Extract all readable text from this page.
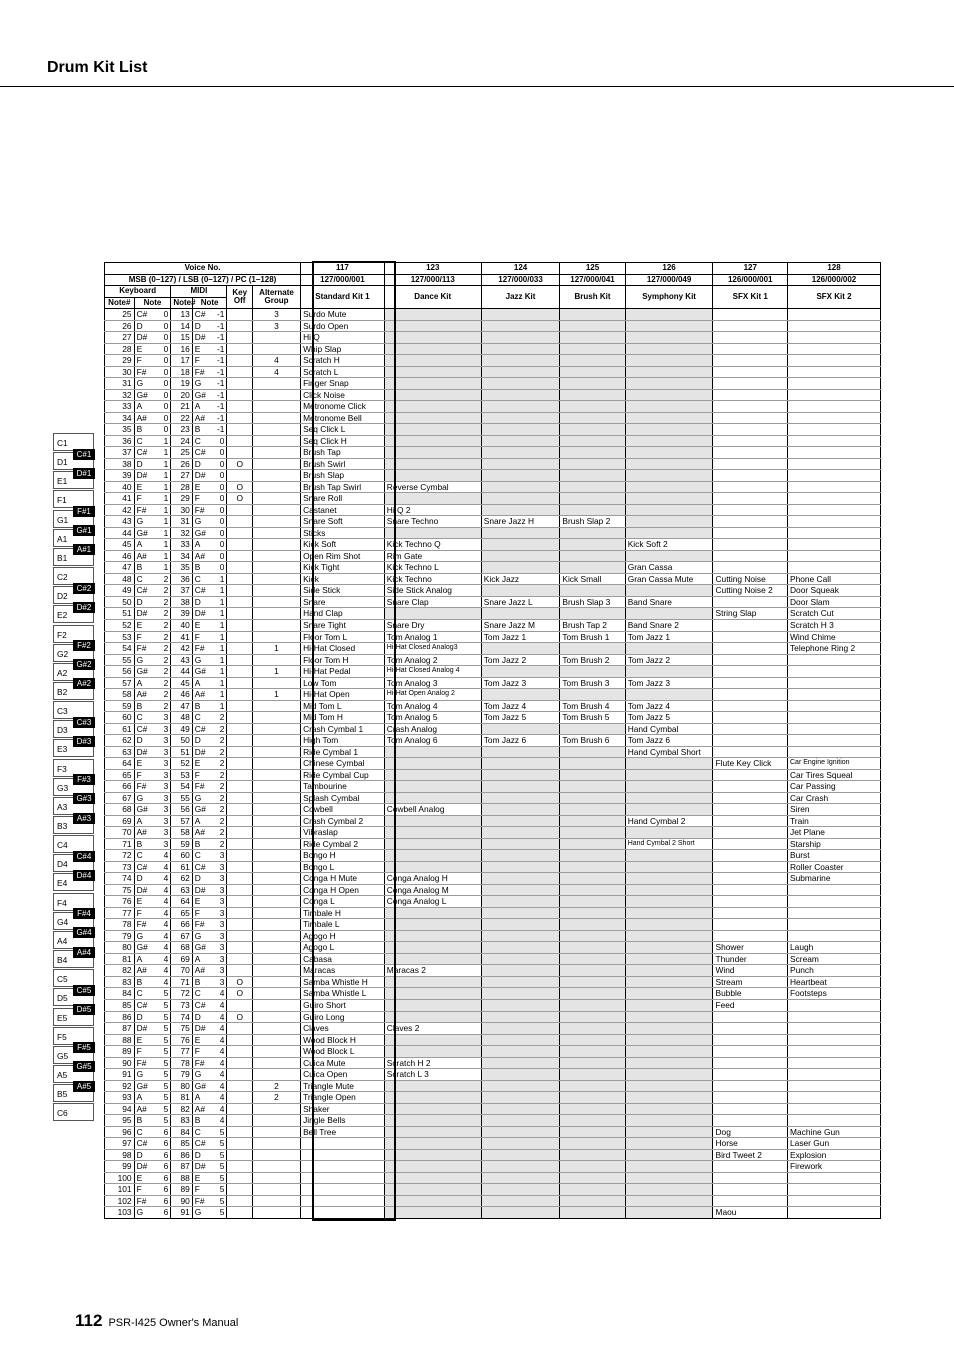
Drum Kit List
C1
D1
E1
F1
G1
A1
B1
C2
D2
E2
F2
G2
A2
B2
C3
D3
E3
F3
G3
A3
B3
C4
D4
E4
F4
G4
A4
B4
C5
D5
E5
F5
G5
A5
B5
C6
C#1
D#1
F#1
G#1
A#1
C#2
D#2
F#2
G#2
A#2
C#3
D#3
F#3
G#3
A#3
C#4
D#4
F#4
G#4
A#4
C#5
D#5
F#5
G#5
A#5
Voice No.								117	123	124	125	126	127	128
MSB (0–127) / LSB (0–127) / PC (1–128)								127/000/001	127/000/113	127/000/033	127/000/041	127/000/049	126/000/001	126/000/002
Keyboard			MIDI			Key Off	Alternate Group	Standard Kit 1	Dance Kit	Jazz Kit	Brush Kit	Symphony Kit	SFX Kit 1	SFX Kit 2
Note#	Note		Note#	Note										
25	C#	0	13	C#	-1		3	Surdo Mute						
26	D	0	14	D	-1		3	Surdo Open						
27	D#	0	15	D#	-1			Hi Q						
28	E	0	16	E	-1			Whip Slap						
29	F	0	17	F	-1		4	Scratch H						
30	F#	0	18	F#	-1		4	Scratch L						
31	G	0	19	G	-1			Finger Snap						
32	G#	0	20	G#	-1			Click Noise						
33	A	0	21	A	-1			Metronome Click						
34	A#	0	22	A#	-1			Metronome Bell						
35	B	0	23	B	-1			Seq Click L						
36	C	1	24	C	0			Seq Click H						
37	C#	1	25	C#	0			Brush Tap						
38	D	1	26	D	0	O		Brush Swirl						
39	D#	1	27	D#	0			Brush Slap						
40	E	1	28	E	0	O		Brush Tap Swirl	Reverse Cymbal					
41	F	1	29	F	0	O		Snare Roll						
42	F#	1	30	F#	0			Castanet	Hi Q 2					
43	G	1	31	G	0			Snare Soft	Snare Techno	Snare Jazz H	Brush Slap 2			
44	G#	1	32	G#	0			Sticks						
45	A	1	33	A	0			Kick Soft	Kick Techno Q			Kick Soft 2		
46	A#	1	34	A#	0			Open Rim Shot	Rim Gate					
47	B	1	35	B	0			Kick Tight	Kick Techno L			Gran Cassa		
48	C	2	36	C	1			Kick	Kick Techno	Kick Jazz	Kick Small	Gran Cassa Mute	Cutting Noise	Phone Call
49	C#	2	37	C#	1			Side Stick	Side Stick Analog				Cutting Noise 2	Door Squeak
50	D	2	38	D	1			Snare	Snare Clap	Snare Jazz L	Brush Slap 3	Band Snare		Door Slam
51	D#	2	39	D#	1			Hand Clap					String Slap	Scratch Cut
52	E	2	40	E	1			Snare Tight	Snare Dry	Snare Jazz M	Brush Tap 2	Band Snare 2		Scratch H 3
53	F	2	41	F	1			Floor Tom L	Tom Analog 1	Tom Jazz 1	Tom Brush 1	Tom Jazz 1		Wind Chime
54	F#	2	42	F#	1		1	Hi-Hat Closed	Hi-Hat Closed Analog3					Telephone Ring 2
55	G	2	43	G	1			Floor Tom H	Tom Analog 2	Tom Jazz 2	Tom Brush 2	Tom Jazz 2		
56	G#	2	44	G#	1		1	Hi-Hat Pedal	Hi-Hat Closed Analog 4					
57	A	2	45	A	1			Low Tom	Tom Analog 3	Tom Jazz 3	Tom Brush 3	Tom Jazz 3		
58	A#	2	46	A#	1		1	Hi-Hat Open	Hi-Hat Open Analog 2					
59	B	2	47	B	1			Mid Tom L	Tom Analog 4	Tom Jazz 4	Tom Brush 4	Tom Jazz 4		
60	C	3	48	C	2			Mid Tom H	Tom Analog 5	Tom Jazz 5	Tom Brush 5	Tom Jazz 5		
61	C#	3	49	C#	2			Crash Cymbal 1	Crash Analog			Hand Cymbal		
62	D	3	50	D	2			High Tom	Tom Analog 6	Tom Jazz 6	Tom Brush 6	Tom Jazz 6		
63	D#	3	51	D#	2			Ride Cymbal 1				Hand Cymbal Short		
64	E	3	52	E	2			Chinese Cymbal					Flute Key Click	Car Engine Ignition
65	F	3	53	F	2			Ride Cymbal Cup						Car Tires Squeal
66	F#	3	54	F#	2			Tambourine						Car Passing
67	G	3	55	G	2			Splash Cymbal						Car Crash
68	G#	3	56	G#	2			Cowbell	Cowbell Analog					Siren
69	A	3	57	A	2			Crash Cymbal 2				Hand Cymbal 2		Train
70	A#	3	58	A#	2			Vibraslap						Jet Plane
71	B	3	59	B	2			Ride Cymbal 2				Hand Cymbal 2 Short		Starship
72	C	4	60	C	3			Bongo H						Burst
73	C#	4	61	C#	3			Bongo L						Roller Coaster
74	D	4	62	D	3			Conga H Mute	Conga Analog H					Submarine
75	D#	4	63	D#	3			Conga H Open	Conga Analog M					
76	E	4	64	E	3			Conga L	Conga Analog L					
77	F	4	65	F	3			Timbale H						
78	F#	4	66	F#	3			Timbale L						
79	G	4	67	G	3			Agogo H						
80	G#	4	68	G#	3			Agogo L					Shower	Laugh
81	A	4	69	A	3			Cabasa					Thunder	Scream
82	A#	4	70	A#	3			Maracas	Maracas 2				Wind	Punch
83	B	4	71	B	3	O		Samba Whistle H					Stream	Heartbeat
84	C	5	72	C	4	O		Samba Whistle L					Bubble	Footsteps
85	C#	5	73	C#	4			Guiro Short					Feed	
86	D	5	74	D	4	O		Guiro Long						
87	D#	5	75	D#	4			Claves	Claves 2					
88	E	5	76	E	4			Wood Block H						
89	F	5	77	F	4			Wood Block L						
90	F#	5	78	F#	4			Cuica Mute	Scratch H 2					
91	G	5	79	G	4			Cuica Open	Scratch L 3					
92	G#	5	80	G#	4		2	Triangle Mute						
93	A	5	81	A	4		2	Triangle Open						
94	A#	5	82	A#	4			Shaker						
95	B	5	83	B	4			Jingle Bells						
96	C	6	84	C	5			Bell Tree					Dog	Machine Gun
97	C#	6	85	C#	5								Horse	Laser Gun
98	D	6	86	D	5								Bird Tweet 2	Explosion
99	D#	6	87	D#	5									Firework
100	E	6	88	E	5									
101	F	6	89	F	5									
102	F#	6	90	F#	5									
103	G	6	91	G	5								Maou	
112 PSR-I425 Owner's Manual
